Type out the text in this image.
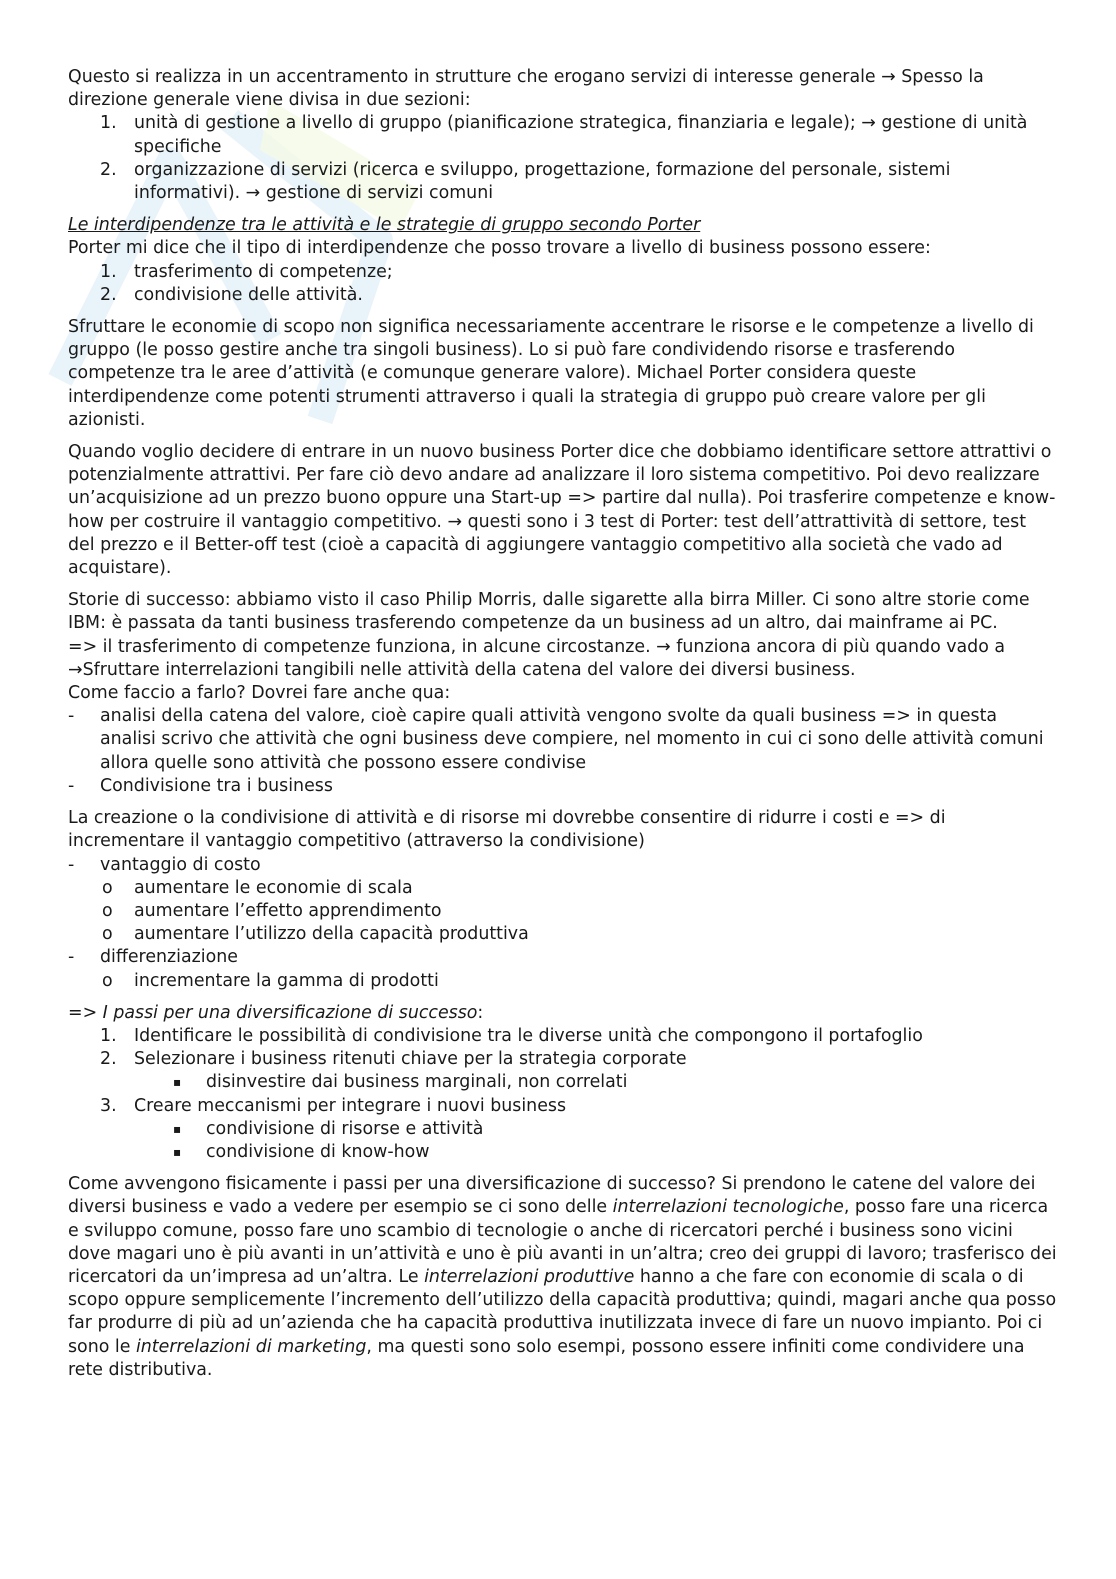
Questo si realizza in un accentramento in strutture che erogano servizi di interesse generale → Spesso la direzione generale viene divisa in due sezioni:

1. unità di gestione a livello di gruppo (pianificazione strategica, finanziaria e legale); → gestione di unità specifiche
2. organizzazione di servizi (ricerca e sviluppo, progettazione, formazione del personale, sistemi informativi). → gestione di servizi comuni

Le interdipendenze tra le attività e le strategie di gruppo secondo Porter

Porter mi dice che il tipo di interdipendenze che posso trovare a livello di business possono essere:

1. trasferimento di competenze;
2. condivisione delle attività.

Sfruttare le economie di scopo non significa necessariamente accentrare le risorse e le competenze a livello di gruppo (le posso gestire anche tra singoli business). Lo si può fare condividendo risorse e trasferendo competenze tra le aree d’attività (e comunque generare valore). Michael Porter considera queste interdipendenze come potenti strumenti attraverso i quali la strategia di gruppo può creare valore per gli azionisti.

Quando voglio decidere di entrare in un nuovo business Porter dice che dobbiamo identificare settore attrattivi o potenzialmente attrattivi. Per fare ciò devo andare ad analizzare il loro sistema competitivo. Poi devo realizzare un’acquisizione ad un prezzo buono oppure una Start-up => partire dal nulla). Poi trasferire competenze e know-how per costruire il vantaggio competitivo. → questi sono i 3 test di Porter: test dell’attrattività di settore, test del prezzo e il Better-off test (cioè a capacità di aggiungere vantaggio competitivo alla società che vado ad acquistare).

Storie di successo: abbiamo visto il caso Philip Morris, dalle sigarette alla birra Miller. Ci sono altre storie come IBM: è passata da tanti business trasferendo competenze da un business ad un altro, dai mainframe ai PC.

=> il trasferimento di competenze funziona, in alcune circostanze. → funziona ancora di più quando vado a →Sfruttare interrelazioni tangibili nelle attività della catena del valore dei diversi business.

Come faccio a farlo? Dovrei fare anche qua:

- analisi della catena del valore, cioè capire quali attività vengono svolte da quali business => in questa analisi scrivo che attività che ogni business deve compiere, nel momento in cui ci sono delle attività comuni allora quelle sono attività che possono essere condivise
- Condivisione tra i business

La creazione o la condivisione di attività e di risorse mi dovrebbe consentire di ridurre i costi e => di incrementare il vantaggio competitivo (attraverso la condivisione)

- vantaggio di costo
o aumentare le economie di scala
o aumentare l’effetto apprendimento
o aumentare l’utilizzo della capacità produttiva
- differenziazione
o incrementare la gamma di prodotti

=> I passi per una diversificazione di successo:

1. Identificare le possibilità di condivisione tra le diverse unità che compongono il portafoglio
2. Selezionare i business ritenuti chiave per la strategia corporate
▪ disinvestire dai business marginali, non correlati
3. Creare meccanismi per integrare i nuovi business
▪ condivisione di risorse e attività
▪ condivisione di know-how

Come avvengono fisicamente i passi per una diversificazione di successo? Si prendono le catene del valore dei diversi business e vado a vedere per esempio se ci sono delle interrelazioni tecnologiche, posso fare una ricerca e sviluppo comune, posso fare uno scambio di tecnologie o anche di ricercatori perché i business sono vicini dove magari uno è più avanti in un’attività e uno è più avanti in un’altra; creo dei gruppi di lavoro; trasferisco dei ricercatori da un’impresa ad un’altra. Le interrelazioni produttive hanno a che fare con economie di scala o di scopo oppure semplicemente l’incremento dell’utilizzo della capacità produttiva; quindi, magari anche qua posso far produrre di più ad un’azienda che ha capacità produttiva inutilizzata invece di fare un nuovo impianto. Poi ci sono le interrelazioni di marketing, ma questi sono solo esempi, possono essere infiniti come condividere una rete distributiva.
